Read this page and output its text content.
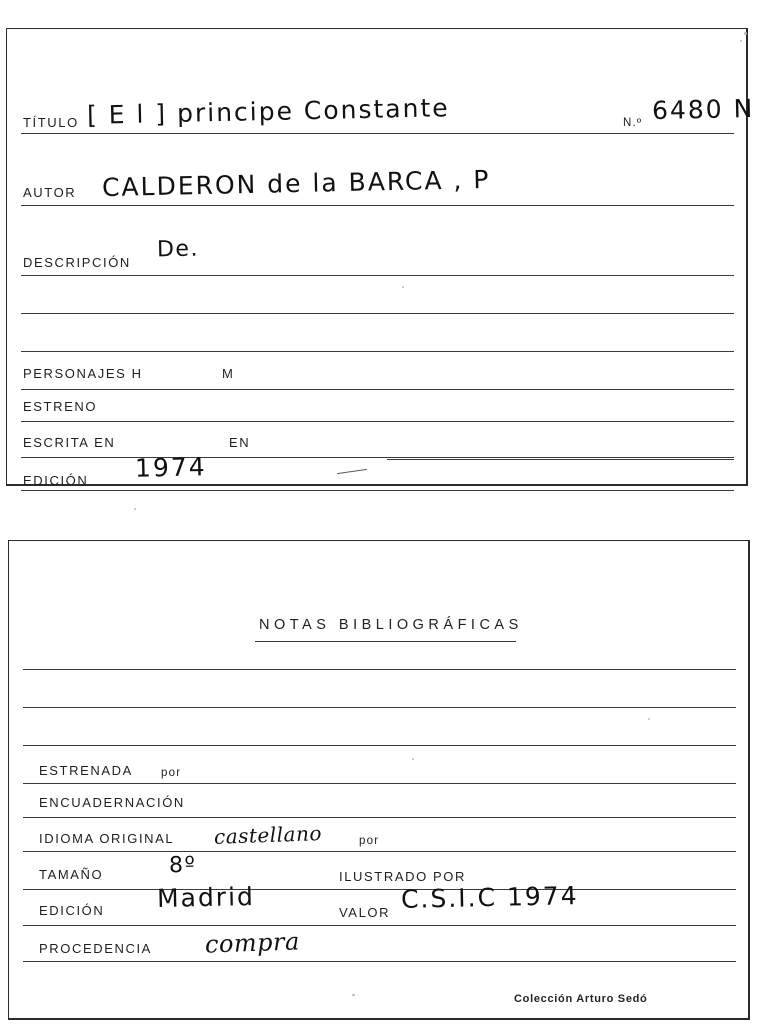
TÍTULO [ E l ] principe Constante	N.º 6480 N
AUTOR CALDERON de la BARCA , P
DESCRIPCIÓN
De.
PERSONAJES H	M
ESTRENO
ESCRITA EN	EN
EDICIÓN 1974
NOTAS BIBLIOGRÁFICAS
ESTRENADA por
ENCUADERNACIÓN
IDIOMA ORIGINAL castellano	por
TAMAÑO	8º	ILUSTRADO POR
EDICIÓN Madrid	VALOR C.S.I.C 1974
PROCEDENCIA compra
Colección Arturo Sedó
